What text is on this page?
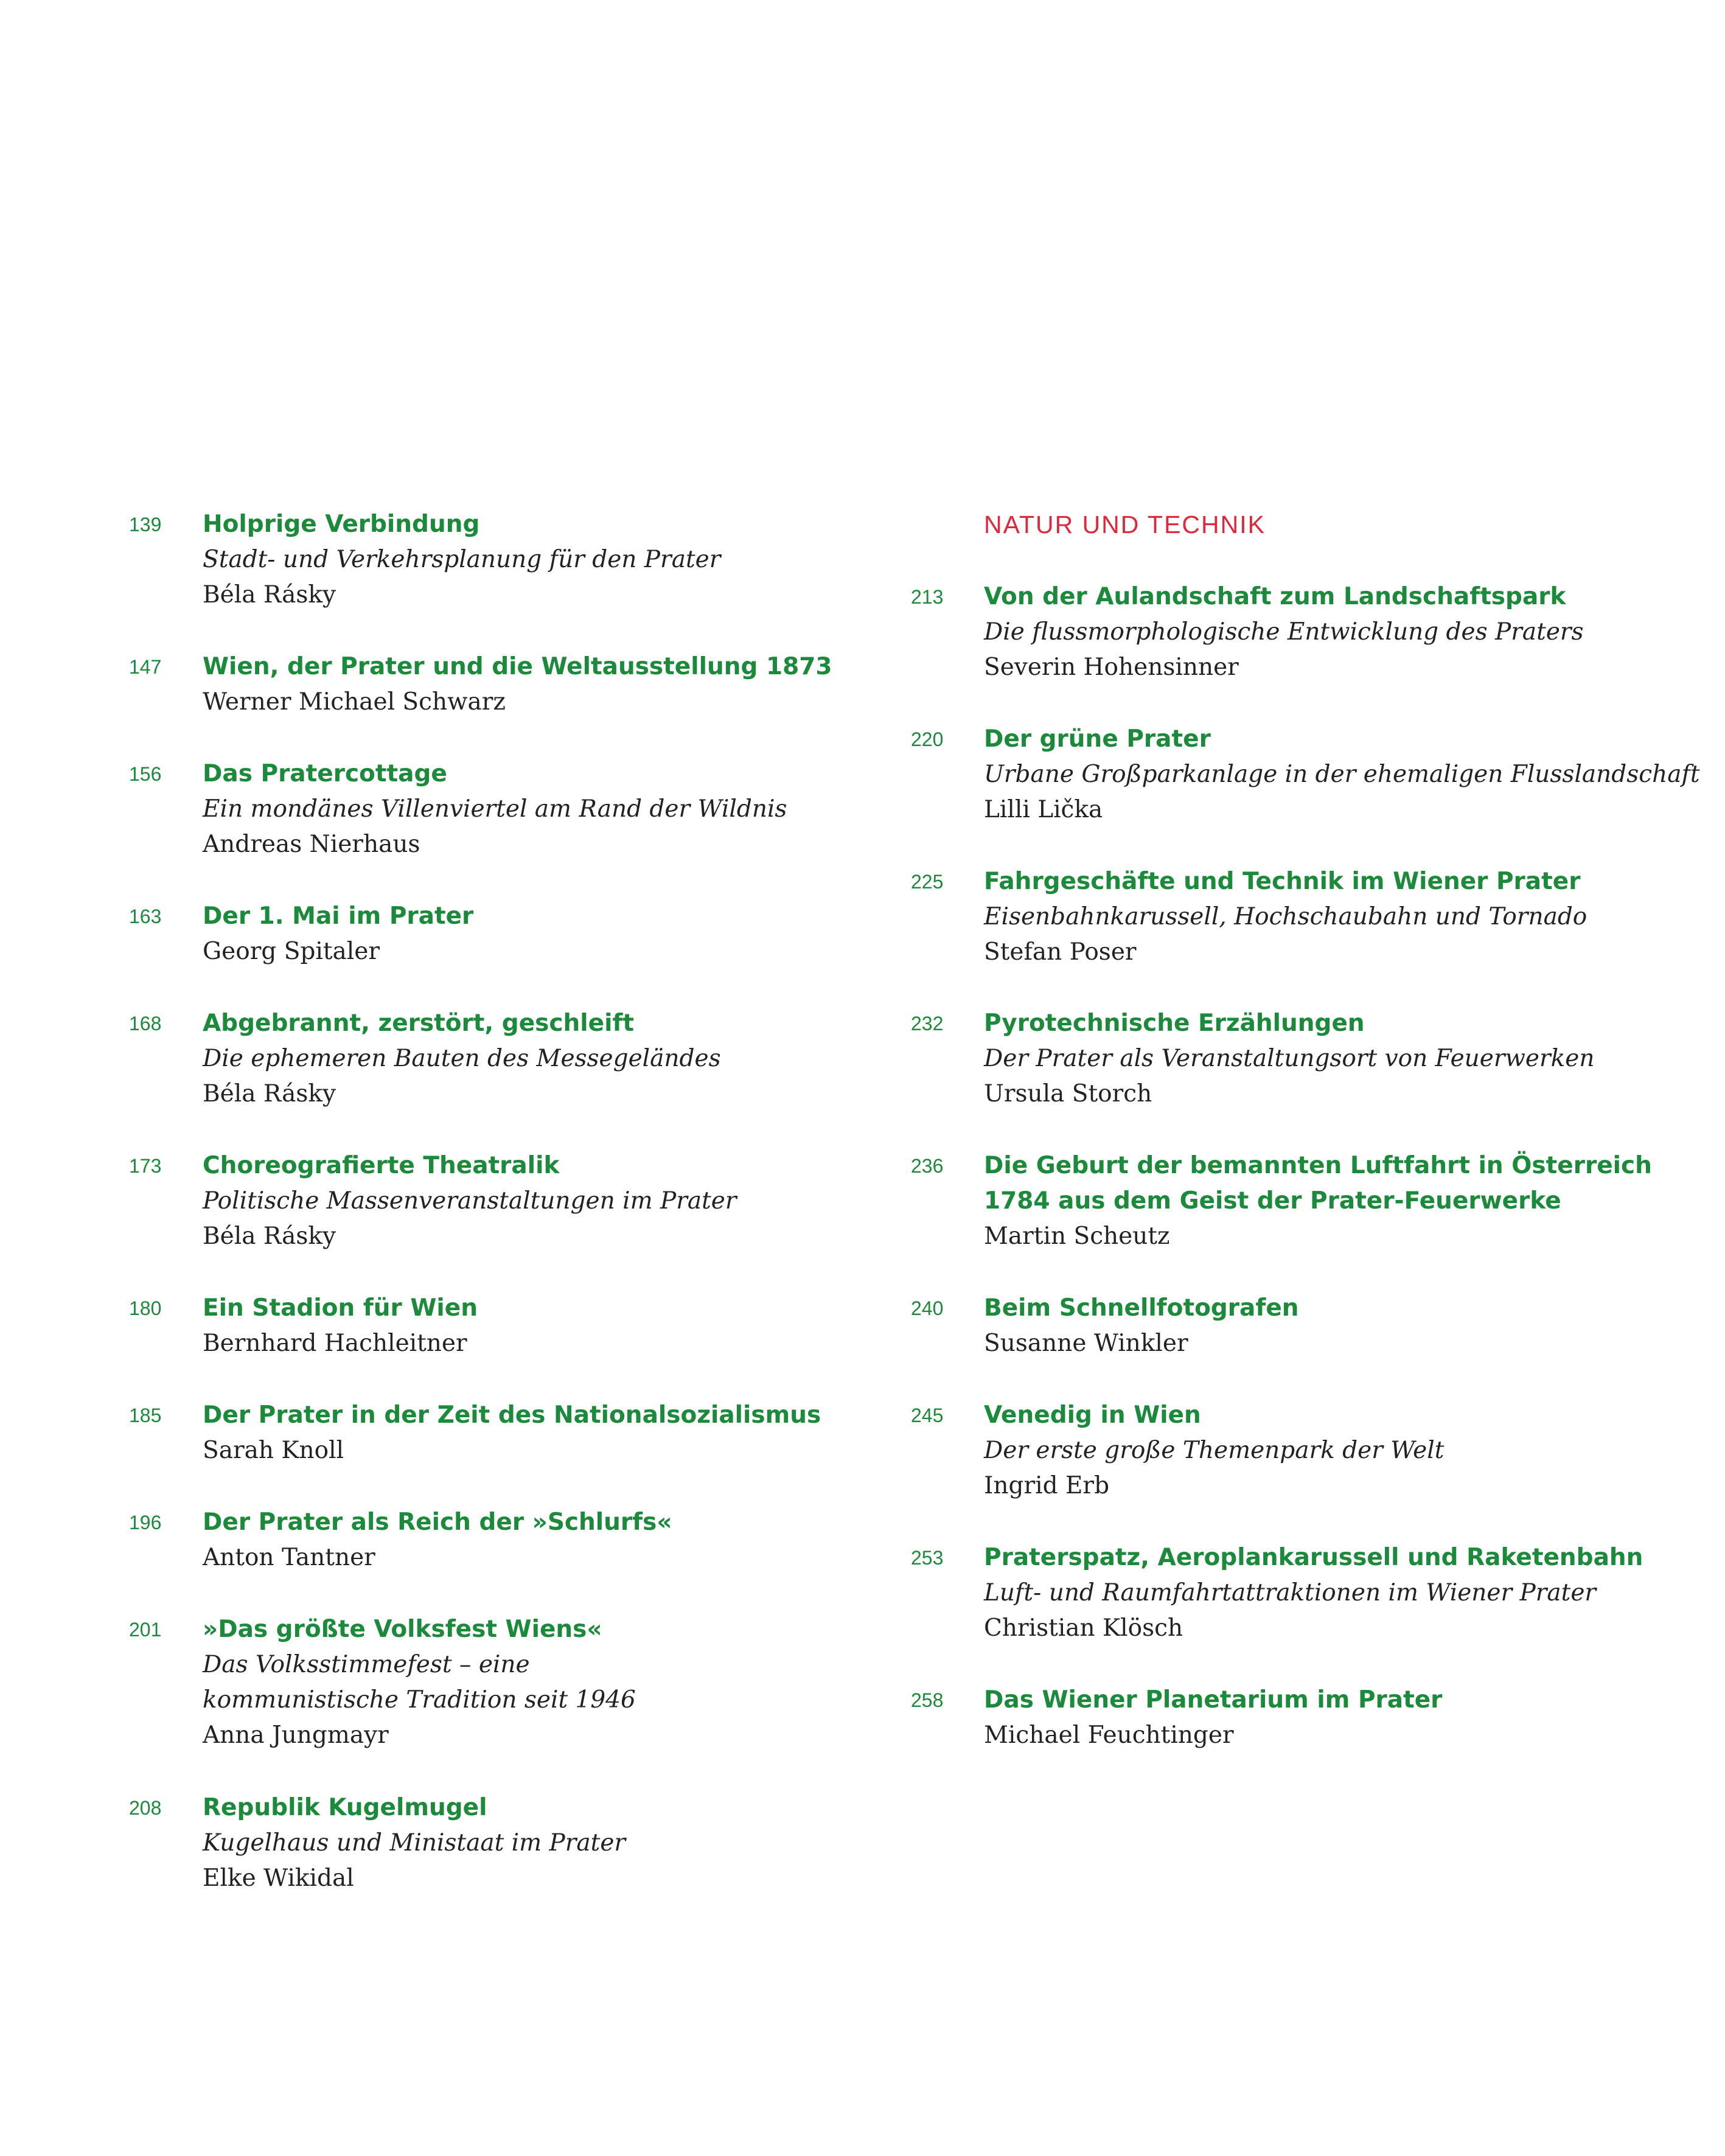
139 Holprige Verbindung
Stadt- und Verkehrsplanung für den Prater
Béla Rásky
147 Wien, der Prater und die Weltausstellung 1873
Werner Michael Schwarz
156 Das Pratercottage
Ein mondänes Villenviertel am Rand der Wildnis
Andreas Nierhaus
163 Der 1. Mai im Prater
Georg Spitaler
168 Abgebrannt, zerstört, geschleift
Die ephemeren Bauten des Messegeländes
Béla Rásky
173 Choreografierte Theatralik
Politische Massenveranstaltungen im Prater
Béla Rásky
180 Ein Stadion für Wien
Bernhard Hachleitner
185 Der Prater in der Zeit des Nationalsozialismus
Sarah Knoll
196 Der Prater als Reich der »Schlurfs«
Anton Tantner
201 »Das größte Volksfest Wiens«
Das Volksstimmefest – eine
kommunistische Tradition seit 1946
Anna Jungmayr
208 Republik Kugelmugel
Kugelhaus und Ministaat im Prater
Elke Wikidal
NATUR UND TECHNIK
213 Von der Aulandschaft zum Landschaftspark
Die flussmorphologische Entwicklung des Praters
Severin Hohensinner
220 Der grüne Prater
Urbane Großparkanlage in der ehemaligen Flusslandschaft
Lilli Lička
225 Fahrgeschäfte und Technik im Wiener Prater
Eisenbahnkarussell, Hochschaubahn und Tornado
Stefan Poser
232 Pyrotechnische Erzählungen
Der Prater als Veranstaltungsort von Feuerwerken
Ursula Storch
236 Die Geburt der bemannten Luftfahrt in Österreich
1784 aus dem Geist der Prater-Feuerwerke
Martin Scheutz
240 Beim Schnellfotografen
Susanne Winkler
245 Venedig in Wien
Der erste große Themenpark der Welt
Ingrid Erb
253 Praterspatz, Aeroplankarussell und Raketenbahn
Luft- und Raumfahrtattraktionen im Wiener Prater
Christian Klösch
258 Das Wiener Planetarium im Prater
Michael Feuchtinger
